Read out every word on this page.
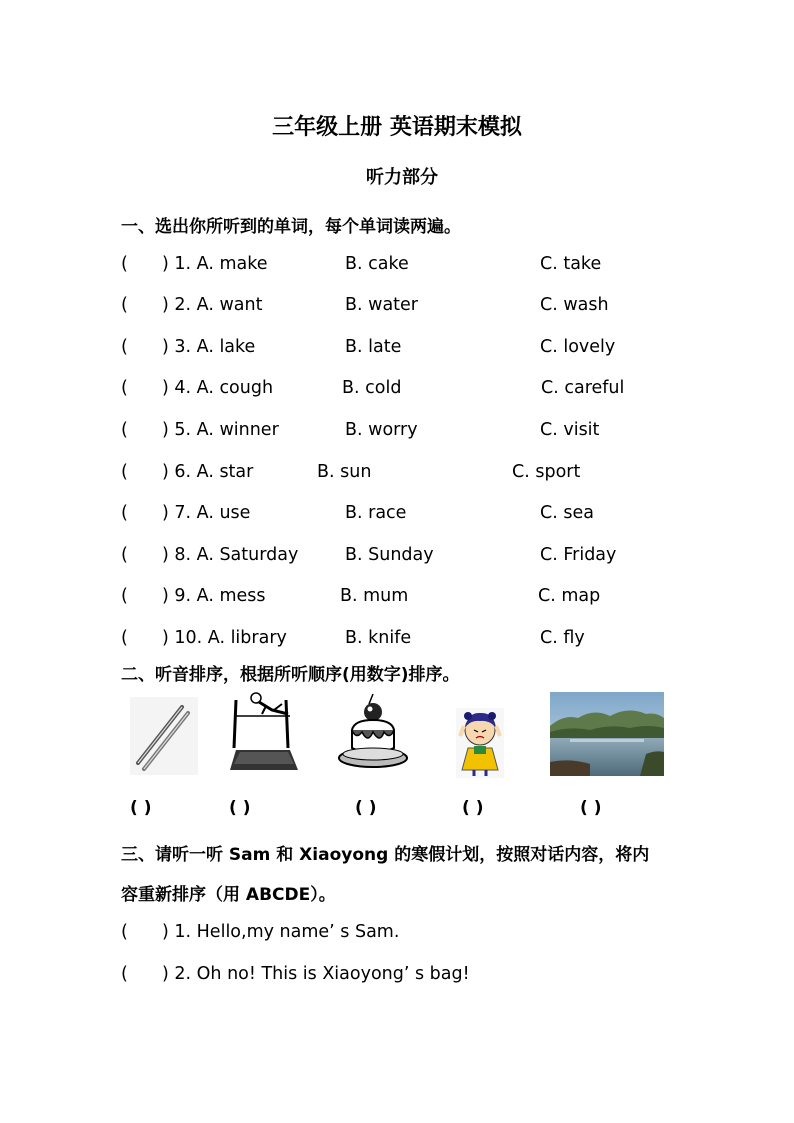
三年级上册 英语期末模拟
听力部分
一、选出你所听到的单词，每个单词读两遍。
( ) 1. A. make	B. cake	C. take
( ) 2. A. want	B. water	C. wash
( ) 3. A. lake	B. late	C. lovely
( ) 4. A. cough	B. cold	C. careful
( ) 5. A. winner	B. worry	C. visit
( ) 6. A. star	B. sun	C. sport
( ) 7. A. use	B. race	C. sea
( ) 8. A. Saturday	B. Sunday	C. Friday
( ) 9. A. mess	B. mum	C. map
( ) 10. A. library	B. knife	C. fly
二、听音排序，根据所听顺序(用数字)排序。
( )	( )	( )	( )	( )
三、请听一听 Sam 和 Xiaoyong 的寒假计划，按照对话内容，将内
容重新排序（用 ABCDE）。
( ) 1. Hello,my name’ s Sam.
( ) 2. Oh no! This is Xiaoyong’ s bag!
